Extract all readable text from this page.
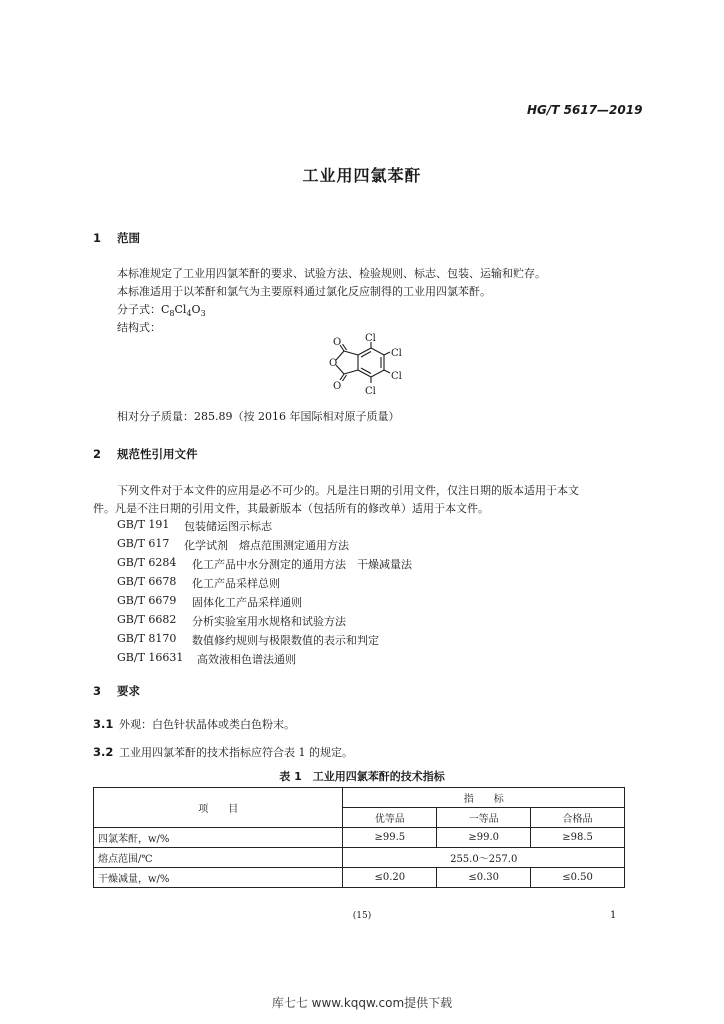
HG/T 5617—2019
工业用四氯苯酐
1 范围
本标准规定了工业用四氯苯酐的要求、试验方法、检验规则、标志、包装、运输和贮存。
本标准适用于以苯酐和氯气为主要原料通过氯化反应制得的工业用四氯苯酐。
分子式：$C_8Cl_4O_3$
结构式：
O
O
O
Cl
Cl
Cl
Cl
相对分子质量：285.89（按 2016 年国际相对原子质量）
2 规范性引用文件
下列文件对于本文件的应用是必不可少的。凡是注日期的引用文件，仅注日期的版本适用于本文
件。凡是不注日期的引用文件，其最新版本（包括所有的修改单）适用于本文件。
GB/T 191 包装储运图示标志
GB/T 617 化学试剂　熔点范围测定通用方法
GB/T 6284 化工产品中水分测定的通用方法　干燥减量法
GB/T 6678 化工产品采样总则
GB/T 6679 固体化工产品采样通则
GB/T 6682 分析实验室用水规格和试验方法
GB/T 8170 数值修约规则与极限数值的表示和判定
GB/T 16631 高效液相色谱法通则
3 要求
3.1 外观：白色针状晶体或类白色粉末。
3.2 工业用四氯苯酐的技术指标应符合表 1 的规定。
表 1　工业用四氯苯酐的技术指标
项　　目	指　　标		
	优等品	一等品	合格品
四氯苯酐，w/%	≥99.5	≥99.0	≥98.5
熔点范围/℃	255.0～257.0		
干燥减量，w/%	≤0.20	≤0.30	≤0.50
(15)	1
库七七 www.kqqw.com提供下载
